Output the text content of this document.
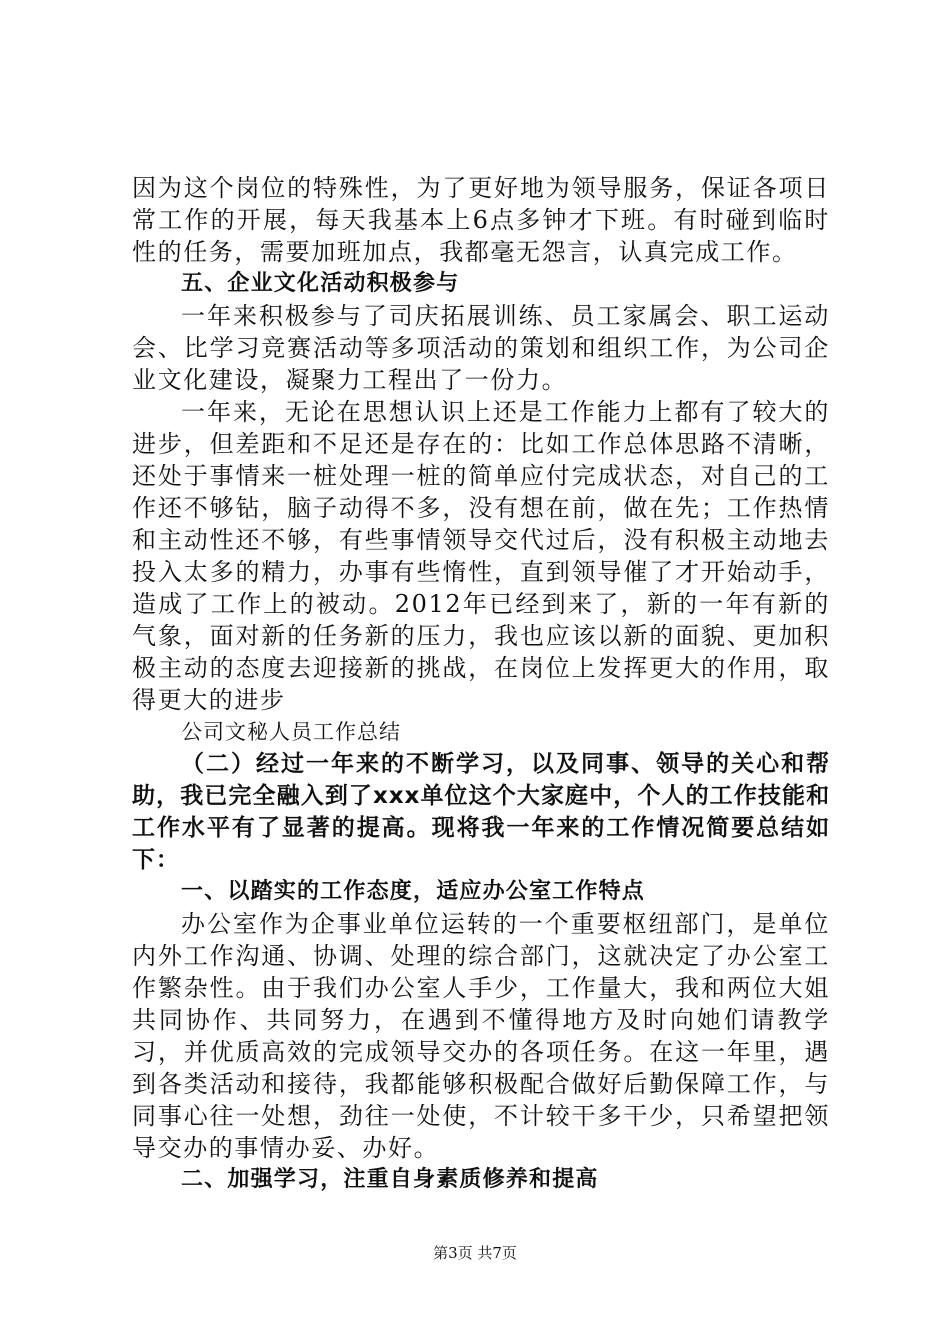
因为这个岗位的特殊性，为了更好地为领导服务，保证各项日常工作的开展，每天我基本上6点多钟才下班。有时碰到临时性的任务，需要加班加点，我都毫无怨言，认真完成工作。

五、企业文化活动积极参与

一年来积极参与了司庆拓展训练、员工家属会、职工运动会、比学习竞赛活动等多项活动的策划和组织工作，为公司企业文化建设，凝聚力工程出了一份力。

一年来，无论在思想认识上还是工作能力上都有了较大的进步，但差距和不足还是存在的：比如工作总体思路不清晰，还处于事情来一桩处理一桩的简单应付完成状态，对自己的工作还不够钻，脑子动得不多，没有想在前，做在先；工作热情和主动性还不够，有些事情领导交代过后，没有积极主动地去投入太多的精力，办事有些惰性，直到领导催了才开始动手，造成了工作上的被动。2012年已经到来了，新的一年有新的气象，面对新的任务新的压力，我也应该以新的面貌、更加积极主动的态度去迎接新的挑战，在岗位上发挥更大的作用，取得更大的进步

公司文秘人员工作总结

（二）经过一年来的不断学习，以及同事、领导的关心和帮助，我已完全融入到了xxx单位这个大家庭中，个人的工作技能和工作水平有了显著的提高。现将我一年来的工作情况简要总结如下：

一、以踏实的工作态度，适应办公室工作特点

办公室作为企事业单位运转的一个重要枢纽部门，是单位内外工作沟通、协调、处理的综合部门，这就决定了办公室工作繁杂性。由于我们办公室人手少，工作量大，我和两位大姐共同协作、共同努力，在遇到不懂得地方及时向她们请教学习，并优质高效的完成领导交办的各项任务。在这一年里，遇到各类活动和接待，我都能够积极配合做好后勤保障工作，与同事心往一处想，劲往一处使，不计较干多干少，只希望把领导交办的事情办妥、办好。

二、加强学习，注重自身素质修养和提高

第3页 共7页
